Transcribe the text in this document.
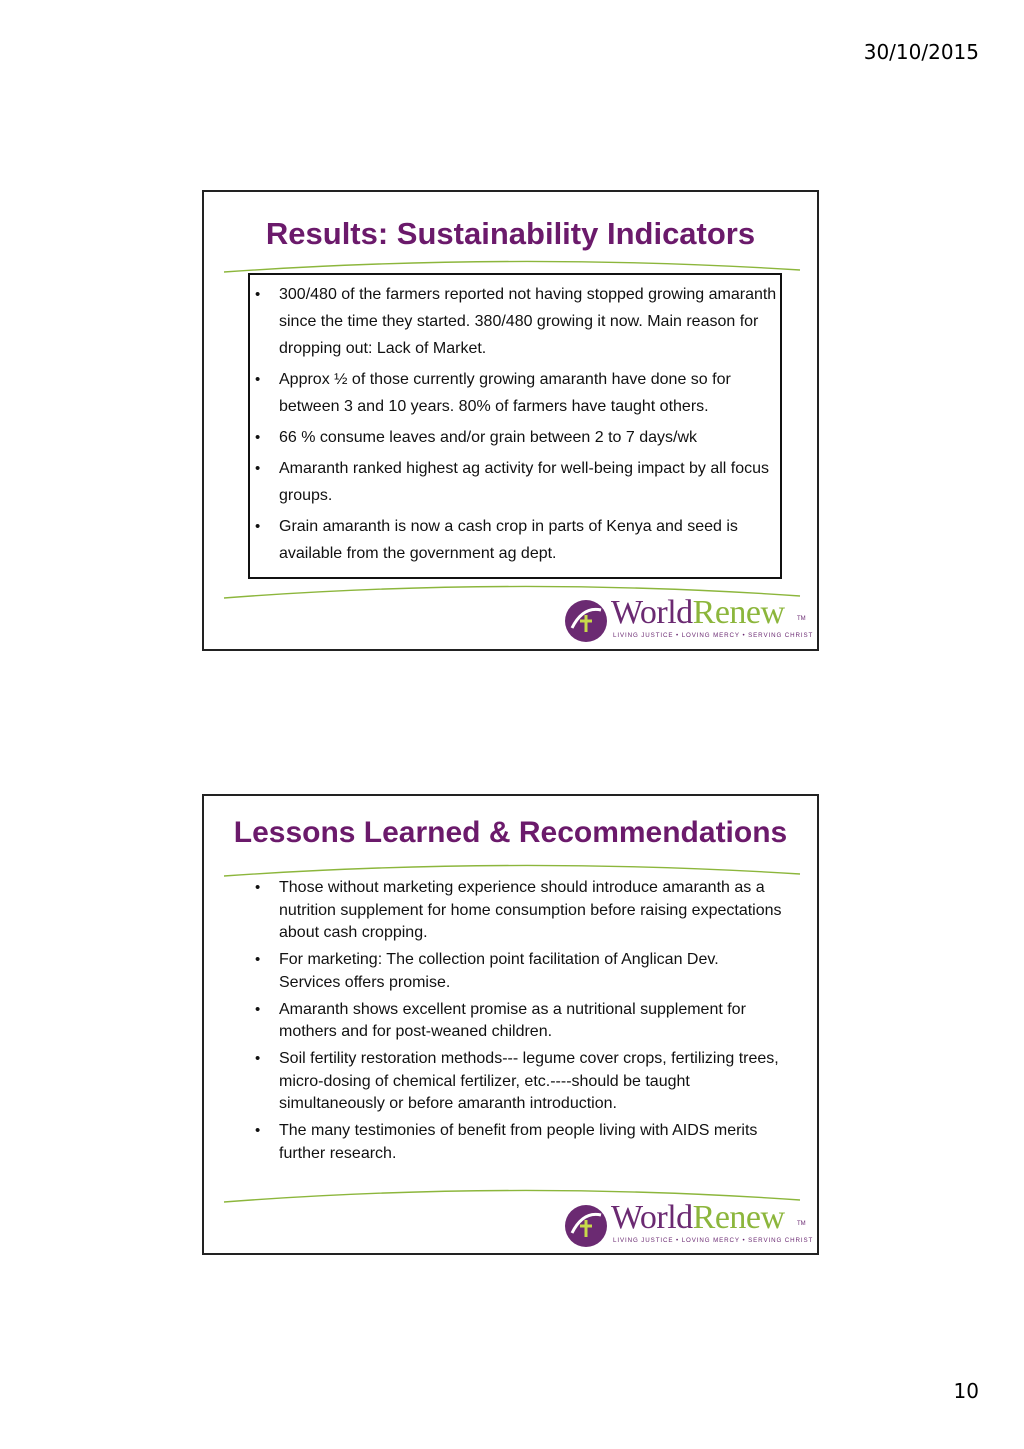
30/10/2015
Results: Sustainability Indicators
• 300/480 of the farmers reported not having stopped growing amaranth since the time they started. 380/480 growing it now. Main reason for dropping out: Lack of Market.
• Approx ½ of those currently growing amaranth have done so for between 3 and 10 years. 80% of farmers have taught others.
• 66 % consume leaves and/or grain between 2 to 7 days/wk
• Amaranth ranked highest ag activity for well-being impact by all focus groups.
• Grain amaranth is now a cash crop in parts of Kenya and seed is available from the government ag dept.
WorldRenew TM
LIVING JUSTICE • LOVING MERCY • SERVING CHRIST
Lessons Learned & Recommendations
• Those without marketing experience should introduce amaranth as a nutrition supplement for home consumption before raising expectations about cash cropping.
• For marketing: The collection point facilitation of Anglican Dev. Services offers promise.
• Amaranth shows excellent promise as a nutritional supplement for mothers and for post-weaned children.
• Soil fertility restoration methods--- legume cover crops, fertilizing trees, micro-dosing of chemical fertilizer, etc.----should be taught simultaneously or before amaranth introduction.
• The many testimonies of benefit from people living with AIDS merits further research.
WorldRenew TM
LIVING JUSTICE • LOVING MERCY • SERVING CHRIST
10
